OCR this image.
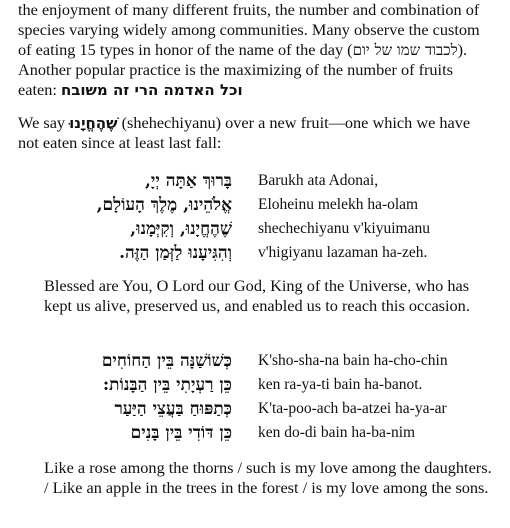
the enjoyment of many different fruits, the number and combination of species varying widely among communities. Many observe the custom of eating 15 types in honor of the name of the day (לכבוד שמו של יום). Another popular practice is the maximizing of the number of fruits eaten: וכל האדמה הרי זה משובח

We say שֶׁהֶחֱיָנוּ (shehechiyanu) over a new fruit—one which we have not eaten since at least last fall:

בָּרוּךְ אַתָּה יְיָ, Barukh ata Adonai,
אֱלֹהֵינוּ, מֶלֶךְ הָעוֹלָם, Eloheinu melekh ha-olam
שֶׁהֶחֱיָנוּ, וְקִיְּמָנוּ, shechechiyanu v'kiyuimanu
וְהִגִּיעָנוּ לַזְּמַן הַזֶּה. v'higiyanu lazaman ha-zeh.

Blessed are You, O Lord our God, King of the Universe, who has kept us alive, preserved us, and enabled us to reach this occasion.

כְּשׁוֹשַׁנָּה בֵּין הַחוֹחִים K'sho-sha-na bain ha-cho-chin
כֵּן רַעְיָתִי בֵּין הַבָּנוֹת: ken ra-ya-ti bain ha-banot.
כְּתַפּוּחַ בַּעֲצֵי הַיַּעַר K'ta-poo-ach ba-atzei ha-ya-ar
כֵּן דּוֹדִי בֵּין בָּנִים ken do-di bain ha-ba-nim

Like a rose among the thorns / such is my love among the daughters. / Like an apple in the trees in the forest / is my love among the sons.
